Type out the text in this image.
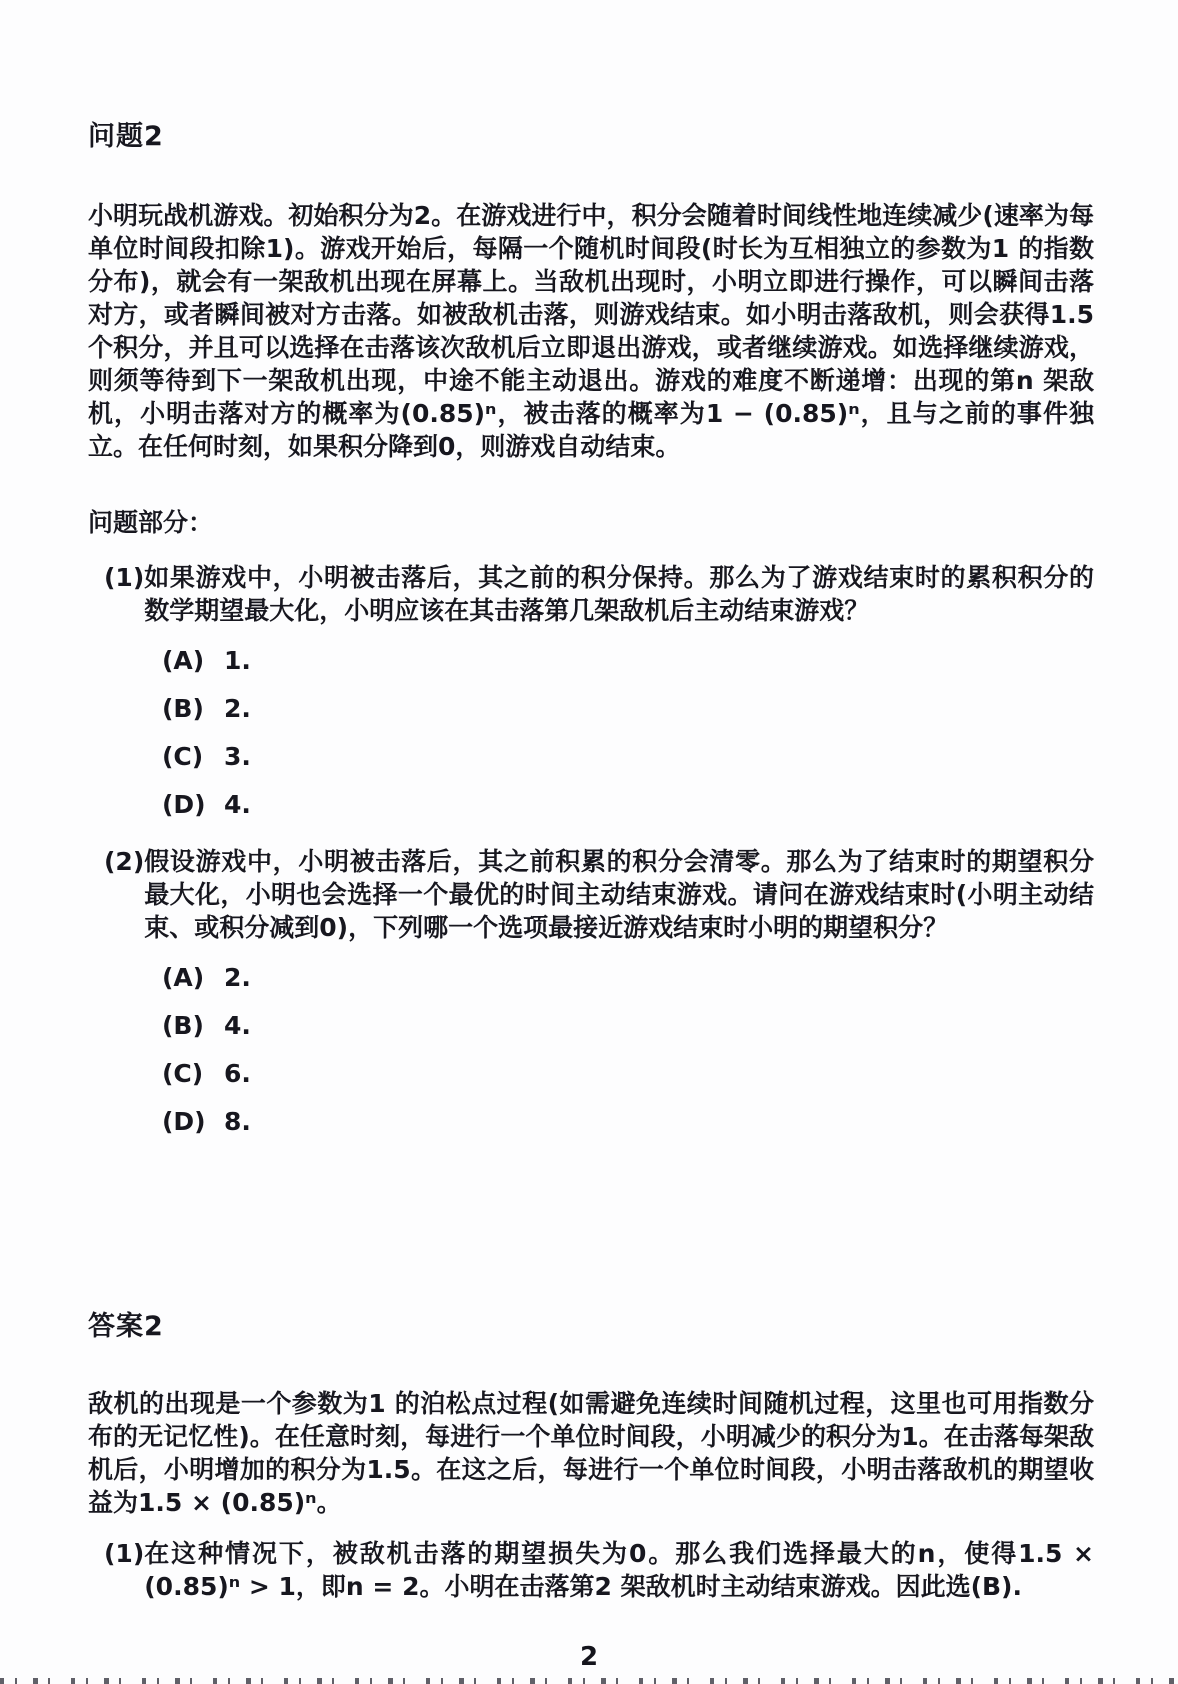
问题2

小明玩战机游戏。初始积分为2。在游戏进行中，积分会随着时间线性地连续减少(速率为每单位时间段扣除1)。游戏开始后，每隔一个随机时间段(时长为互相独立的参数为1 的指数分布)，就会有一架敌机出现在屏幕上。当敌机出现时，小明立即进行操作，可以瞬间击落对方，或者瞬间被对方击落。如被敌机击落，则游戏结束。如小明击落敌机，则会获得1.5个积分，并且可以选择在击落该次敌机后立即退出游戏，或者继续游戏。如选择继续游戏，则须等待到下一架敌机出现，中途不能主动退出。游戏的难度不断递增：出现的第n 架敌机，小明击落对方的概率为(0.85)ⁿ，被击落的概率为1 − (0.85)ⁿ，且与之前的事件独立。在任何时刻，如果积分降到0，则游戏自动结束。

问题部分：

(1) 如果游戏中，小明被击落后，其之前的积分保持。那么为了游戏结束时的累积积分的数学期望最大化，小明应该在其击落第几架敌机后主动结束游戏？
(A) 1.
(B) 2.
(C) 3.
(D) 4.
(2) 假设游戏中，小明被击落后，其之前积累的积分会清零。那么为了结束时的期望积分最大化，小明也会选择一个最优的时间主动结束游戏。请问在游戏结束时(小明主动结束、或积分减到0)，下列哪一个选项最接近游戏结束时小明的期望积分？
(A) 2.
(B) 4.
(C) 6.
(D) 8.
答案2

敌机的出现是一个参数为1 的泊松点过程(如需避免连续时间随机过程，这里也可用指数分布的无记忆性)。在任意时刻，每进行一个单位时间段，小明减少的积分为1。在击落每架敌机后，小明增加的积分为1.5。在这之后，每进行一个单位时间段，小明击落敌机的期望收益为1.5 × (0.85)ⁿ。

(1) 在这种情况下，被敌机击落的期望损失为0。那么我们选择最大的n，使得1.5 × (0.85)ⁿ > 1，即n = 2。小明在击落第2 架敌机时主动结束游戏。因此选(B).
2
